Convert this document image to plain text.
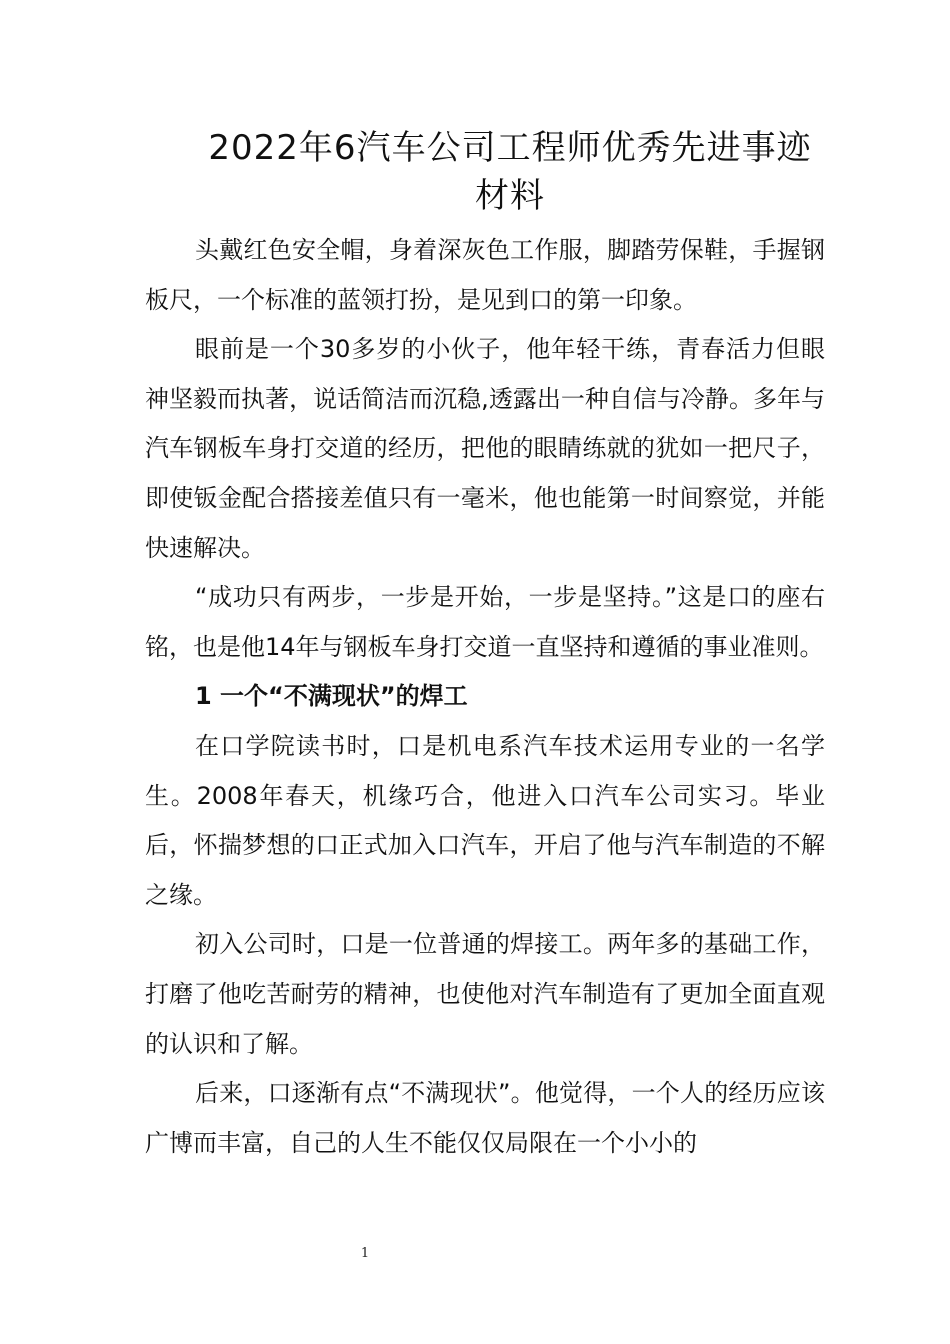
2022年6汽车公司工程师优秀先进事迹材料

头戴红色安全帽，身着深灰色工作服，脚踏劳保鞋，手握钢板尺，一个标准的蓝领打扮，是见到口的第一印象。

眼前是一个30多岁的小伙子，他年轻干练，青春活力但眼神坚毅而执著，说话简洁而沉稳,透露出一种自信与冷静。多年与汽车钢板车身打交道的经历，把他的眼睛练就的犹如一把尺子，即使钣金配合搭接差值只有一毫米，他也能第一时间察觉，并能快速解决。

“成功只有两步，一步是开始，一步是坚持。”这是口的座右铭，也是他14年与钢板车身打交道一直坚持和遵循的事业准则。

1 一个“不满现状”的焊工

在口学院读书时，口是机电系汽车技术运用专业的一名学生。2008年春天，机缘巧合，他进入口汽车公司实习。毕业后，怀揣梦想的口正式加入口汽车，开启了他与汽车制造的不解之缘。

初入公司时，口是一位普通的焊接工。两年多的基础工作，打磨了他吃苦耐劳的精神，也使他对汽车制造有了更加全面直观的认识和了解。

后来，口逐渐有点“不满现状”。他觉得，一个人的经历应该广博而丰富，自己的人生不能仅仅局限在一个小小的

1
